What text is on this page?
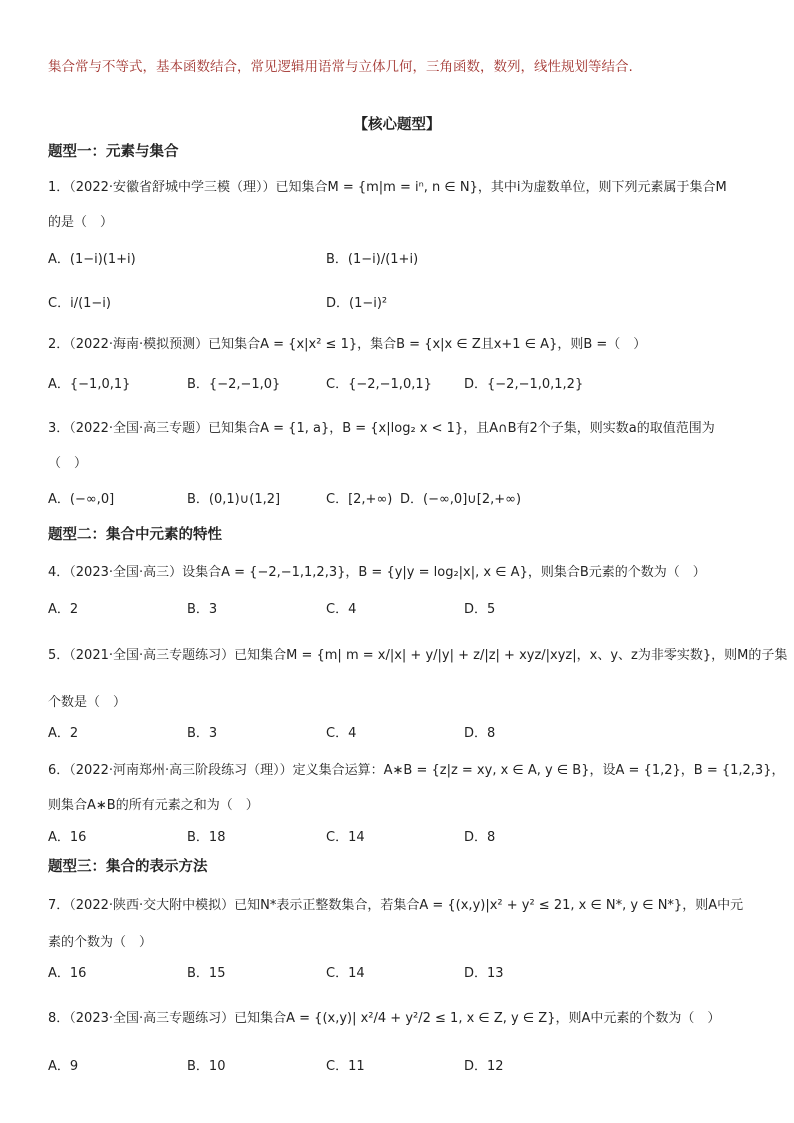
集合常与不等式，基本函数结合，常见逻辑用语常与立体几何，三角函数，数列，线性规划等结合.
【核心题型】
题型一：元素与集合
1．（2022·安徽省舒城中学三模（理））已知集合M = {m|m = iⁿ, n ∈ N}，其中i为虚数单位，则下列元素属于集合M
的是（　）
A．(1−i)(1+i)	B．(1−i)/(1+i)
C．i/(1−i)	D．(1−i)²
2．（2022·海南·模拟预测）已知集合A = {x|x² ≤ 1}，集合B = {x|x ∈ Z且x+1 ∈ A}，则B =（　）
A．{−1,0,1}	B．{−2,−1,0}	C．{−2,−1,0,1} D．{−2,−1,0,1,2}
3．（2022·全国·高三专题）已知集合A = {1, a}，B = {x|log₂ x < 1}，且A∩B有2个子集，则实数a的取值范围为
（　）
A．(−∞,0]	B．(0,1)∪(1,2]	C．[2,+∞) D．(−∞,0]∪[2,+∞)
题型二：集合中元素的特性
4．（2023·全国·高三）设集合A = {−2,−1,1,2,3}，B = {y|y = log₂|x|, x ∈ A}，则集合B元素的个数为（　）
A．2	B．3	C．4	D．5
5．（2021·全国·高三专题练习）已知集合M = {m| m = x/|x| + y/|y| + z/|z| + xyz/|xyz|，x、y、z为非零实数}，则M的子集
个数是（　）
A．2	B．3	C．4	D．8
6．（2022·河南郑州·高三阶段练习（理））定义集合运算：A∗B = {z|z = xy, x ∈ A, y ∈ B}，设A = {1,2}，B = {1,2,3}，
则集合A∗B的所有元素之和为（　）
A．16	B．18	C．14	D．8
题型三：集合的表示方法
7．（2022·陕西·交大附中模拟）已知N*表示正整数集合，若集合A = {(x,y)|x² + y² ≤ 21, x ∈ N*, y ∈ N*}，则A中元
素的个数为（　）
A．16	B．15	C．14	D．13
8．（2023·全国·高三专题练习）已知集合A = {(x,y)| x²/4 + y²/2 ≤ 1, x ∈ Z, y ∈ Z}，则A中元素的个数为（　）
A．9	B．10	C．11	D．12
